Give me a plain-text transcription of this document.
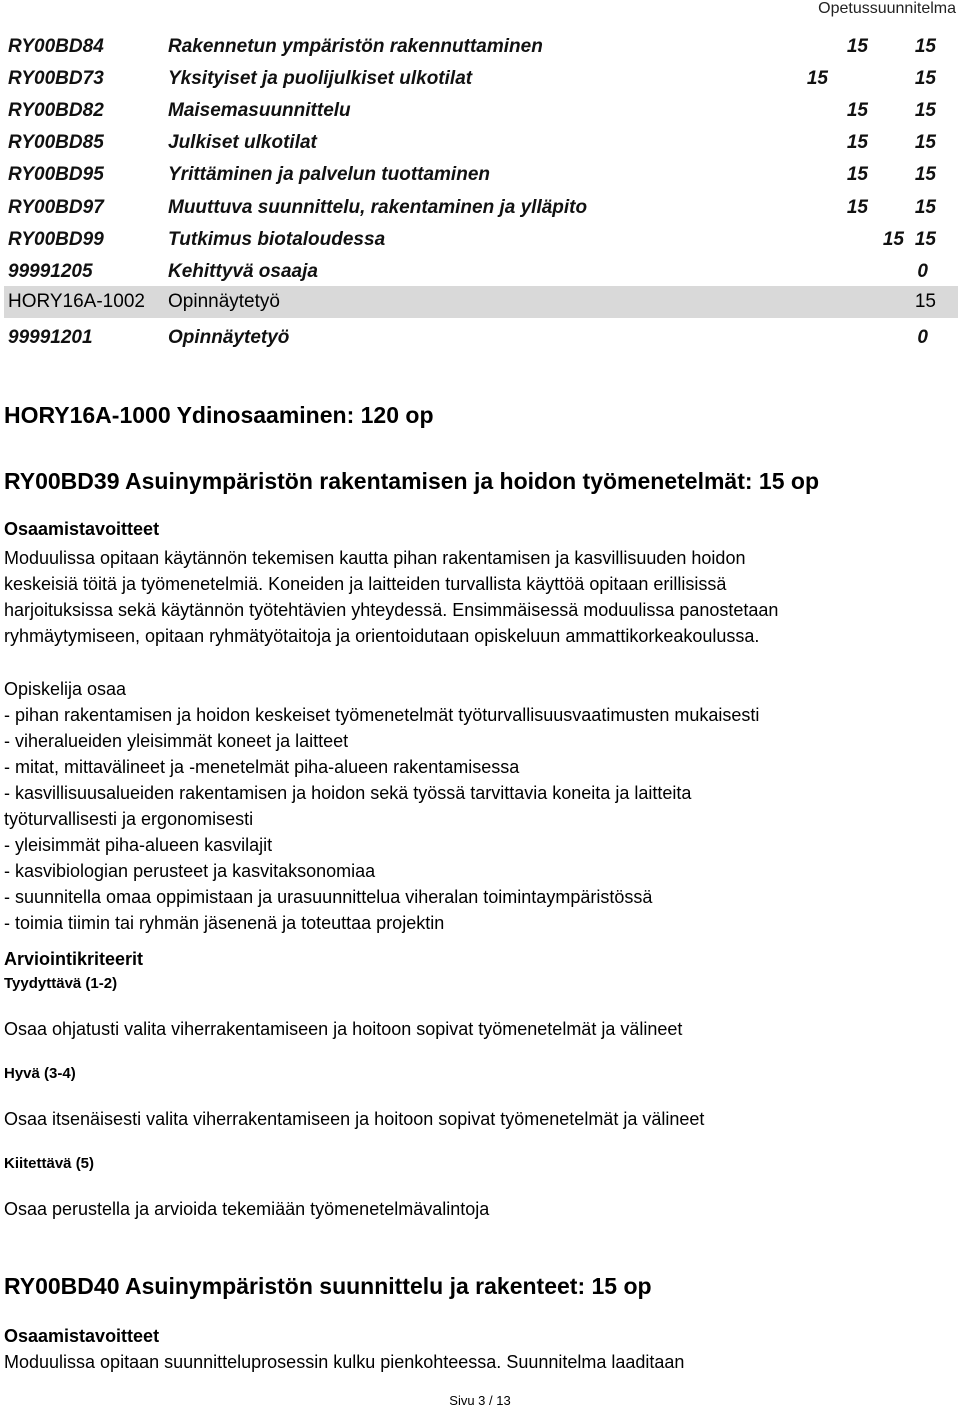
Opetussuunnitelma
RY00BD84	Rakennetun ympäristön rakennuttaminen	15 15
RY00BD73	Yksityiset ja puolijulkiset ulkotilat	15	15
RY00BD82	Maisemasuunnittelu	15 15
RY00BD85	Julkiset ulkotilat	15 15
RY00BD95	Yrittäminen ja palvelun tuottaminen	15 15
RY00BD97	Muuttuva suunnittelu, rakentaminen ja ylläpito	15 15
RY00BD99	Tutkimus biotaloudessa	15 15
99991205	Kehittyvä osaaja	0
HORY16A-1002 Opinnäytetyö	15
99991201	Opinnäytetyö	0
HORY16A-1000 Ydinosaaminen: 120 op
RY00BD39 Asuinympäristön rakentamisen ja hoidon työmenetelmät: 15 op
Osaamistavoitteet
Moduulissa opitaan käytännön tekemisen kautta pihan rakentamisen ja kasvillisuuden hoidon
keskeisiä töitä ja työmenetelmiä. Koneiden ja laitteiden turvallista käyttöä opitaan erillisissä
harjoituksissa sekä käytännön työtehtävien yhteydessä. Ensimmäisessä moduulissa panostetaan
ryhmäytymiseen, opitaan ryhmätyötaitoja ja orientoidutaan opiskeluun ammattikorkeakoulussa.
Opiskelija osaa
- pihan rakentamisen ja hoidon keskeiset työmenetelmät työturvallisuusvaatimusten mukaisesti
- viheralueiden yleisimmät koneet ja laitteet
- mitat, mittavälineet ja -menetelmät piha-alueen rakentamisessa
- kasvillisuusalueiden rakentamisen ja hoidon sekä työssä tarvittavia koneita ja laitteita
työturvallisesti ja ergonomisesti
- yleisimmät piha-alueen kasvilajit
- kasvibiologian perusteet ja kasvitaksonomiaa
- suunnitella omaa oppimistaan ja urasuunnittelua viheralan toimintaympäristössä
- toimia tiimin tai ryhmän jäsenenä ja toteuttaa projektin
Arviointikriteerit
Tyydyttävä (1-2)
Osaa ohjatusti valita viherrakentamiseen ja hoitoon sopivat työmenetelmät ja välineet
Hyvä (3-4)
Osaa itsenäisesti valita viherrakentamiseen ja hoitoon sopivat työmenetelmät ja välineet
Kiitettävä (5)
Osaa perustella ja arvioida tekemiään työmenetelmävalintoja
RY00BD40 Asuinympäristön suunnittelu ja rakenteet: 15 op
Osaamistavoitteet
Moduulissa opitaan suunnitteluprosessin kulku pienkohteessa. Suunnitelma laaditaan
Sivu 3 / 13
